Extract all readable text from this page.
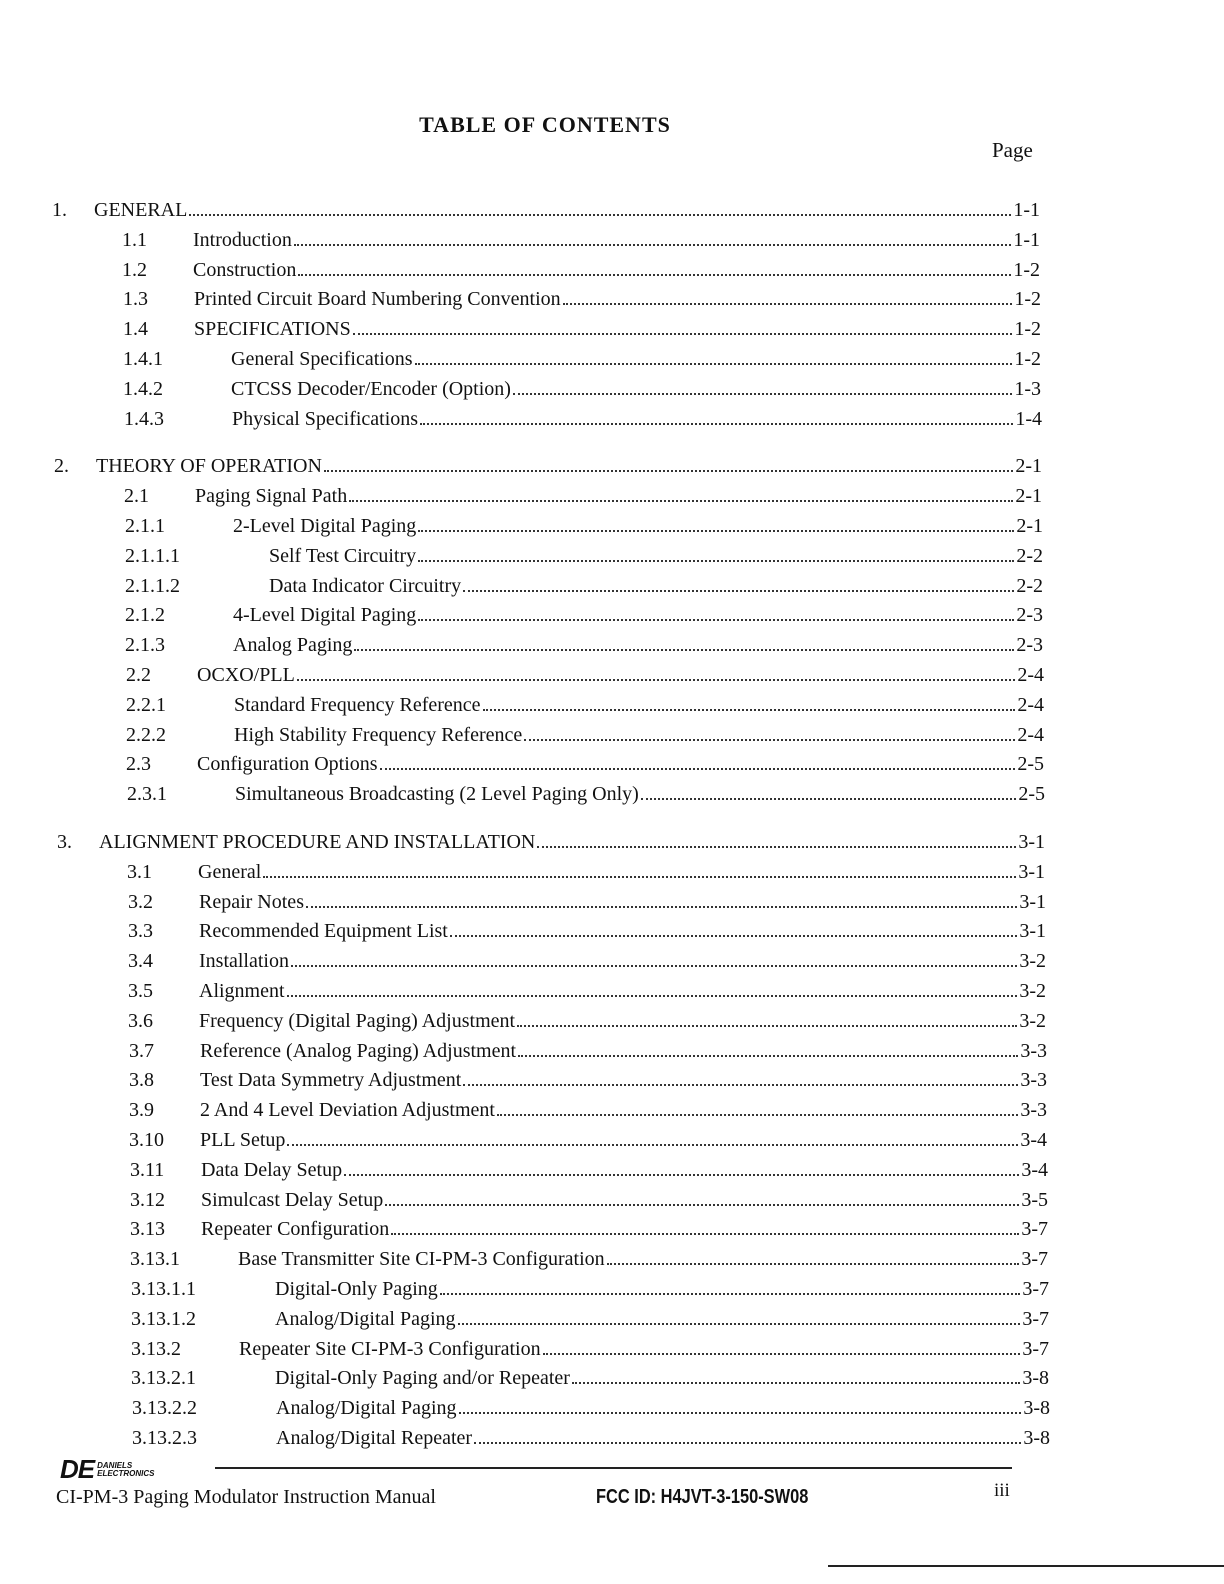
TABLE OF CONTENTS
Page
1. GENERAL	1-1
1.1 Introduction	1-1
1.2 Construction	1-2
1.3 Printed Circuit Board Numbering Convention	1-2
1.4 SPECIFICATIONS	1-2
1.4.1	General Specifications	1-2
1.4.2	CTCSS Decoder/Encoder (Option)	1-3
1.4.3	Physical Specifications	1-4
2. THEORY OF OPERATION	2-1
2.1 Paging Signal Path	2-1
2.1.1	2-Level Digital Paging	2-1
2.1.1.1	Self Test Circuitry	2-2
2.1.1.2	Data Indicator Circuitry	2-2
2.1.2	4-Level Digital Paging	2-3
2.1.3	Analog Paging	2-3
2.2 OCXO/PLL	2-4
2.2.1	Standard Frequency Reference	2-4
2.2.2	High Stability Frequency Reference	2-4
2.3 Configuration Options	2-5
2.3.1	Simultaneous Broadcasting (2 Level Paging Only)	2-5
3. ALIGNMENT PROCEDURE AND INSTALLATION	3-1
3.1 General	3-1
3.2 Repair Notes	3-1
3.3 Recommended Equipment List	3-1
3.4 Installation	3-2
3.5 Alignment	3-2
3.6 Frequency (Digital Paging) Adjustment	3-2
3.7 Reference (Analog Paging) Adjustment	3-3
3.8 Test Data Symmetry Adjustment	3-3
3.9 2 And 4 Level Deviation Adjustment	3-3
3.10 PLL Setup	3-4
3.11 Data Delay Setup	3-4
3.12 Simulcast Delay Setup	3-5
3.13 Repeater Configuration	3-7
3.13.1	Base Transmitter Site CI-PM-3 Configuration	3-7
3.13.1.1	Digital-Only Paging	3-7
3.13.1.2	Analog/Digital Paging	3-7
3.13.2	Repeater Site CI-PM-3 Configuration	3-7
3.13.2.1	Digital-Only Paging and/or Repeater	3-8
3.13.2.2	Analog/Digital Paging	3-8
3.13.2.3	Analog/Digital Repeater	3-8
DE DANIELS
ELECTRONICS
CI-PM-3 Paging Modulator Instruction Manual	FCC ID: H4JVT-3-150-SW08	iii
